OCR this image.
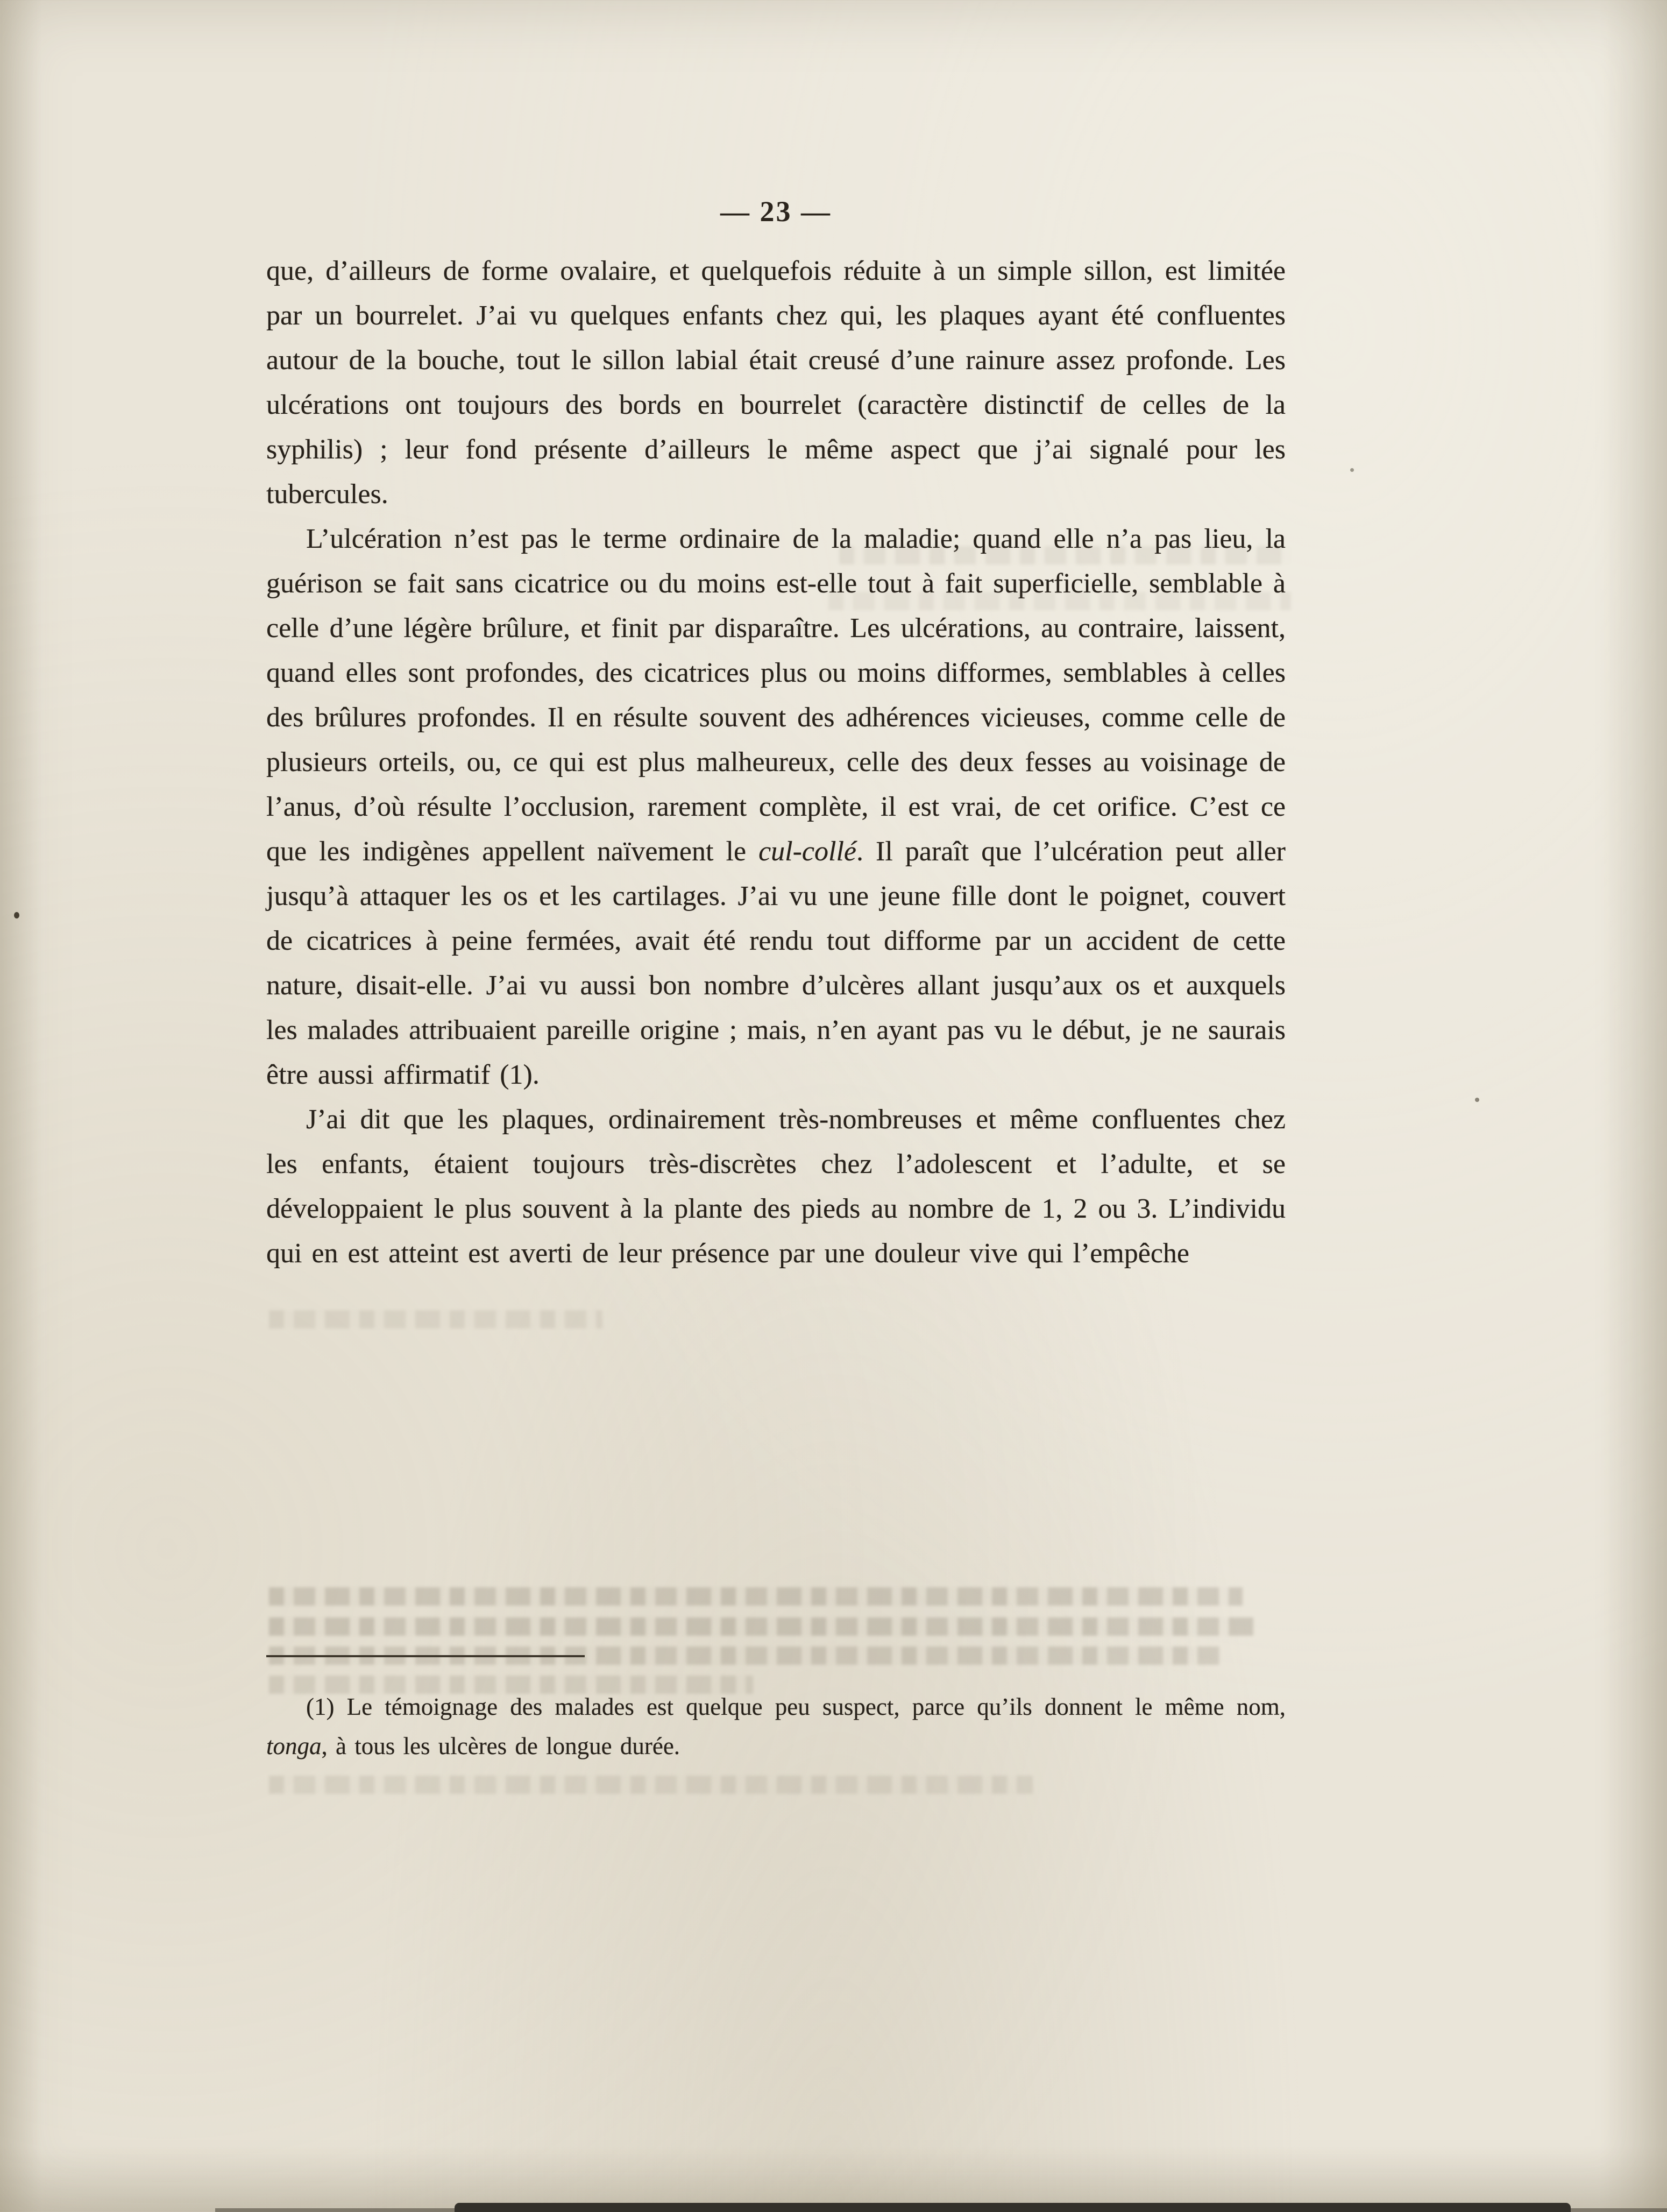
— 23 —

que, d’ailleurs de forme ovalaire, et quelquefois réduite à un simple sillon, est limitée par un bourrelet. J’ai vu quelques enfants chez qui, les plaques ayant été confluentes autour de la bouche, tout le sillon labial était creusé d’une rainure assez profonde. Les ulcérations ont toujours des bords en bourrelet (caractère distinctif de celles de la syphilis) ; leur fond présente d’ailleurs le même aspect que j’ai signalé pour les tubercules.

L’ulcération n’est pas le terme ordinaire de la maladie; quand elle n’a pas lieu, la guérison se fait sans cicatrice ou du moins est-elle tout à fait superficielle, semblable à celle d’une légère brûlure, et finit par disparaître. Les ulcérations, au contraire, laissent, quand elles sont profondes, des cicatrices plus ou moins difformes, semblables à celles des brûlures profondes. Il en résulte souvent des adhérences vicieuses, comme celle de plusieurs orteils, ou, ce qui est plus malheureux, celle des deux fesses au voisinage de l’anus, d’où résulte l’occlusion, rarement complète, il est vrai, de cet orifice. C’est ce que les indigènes appellent naïvement le cul-collé. Il paraît que l’ulcération peut aller jusqu’à attaquer les os et les cartilages. J’ai vu une jeune fille dont le poignet, couvert de cicatrices à peine fermées, avait été rendu tout difforme par un accident de cette nature, disait-elle. J’ai vu aussi bon nombre d’ulcères allant jusqu’aux os et auxquels les malades attribuaient pareille origine ; mais, n’en ayant pas vu le début, je ne saurais être aussi affirmatif (1).

J’ai dit que les plaques, ordinairement très-nombreuses et même confluentes chez les enfants, étaient toujours très-discrètes chez l’adolescent et l’adulte, et se développaient le plus souvent à la plante des pieds au nombre de 1, 2 ou 3. L’individu qui en est atteint est averti de leur présence par une douleur vive qui l’empêche

(1) Le témoignage des malades est quelque peu suspect, parce qu’ils donnent le même nom, tonga, à tous les ulcères de longue durée.
